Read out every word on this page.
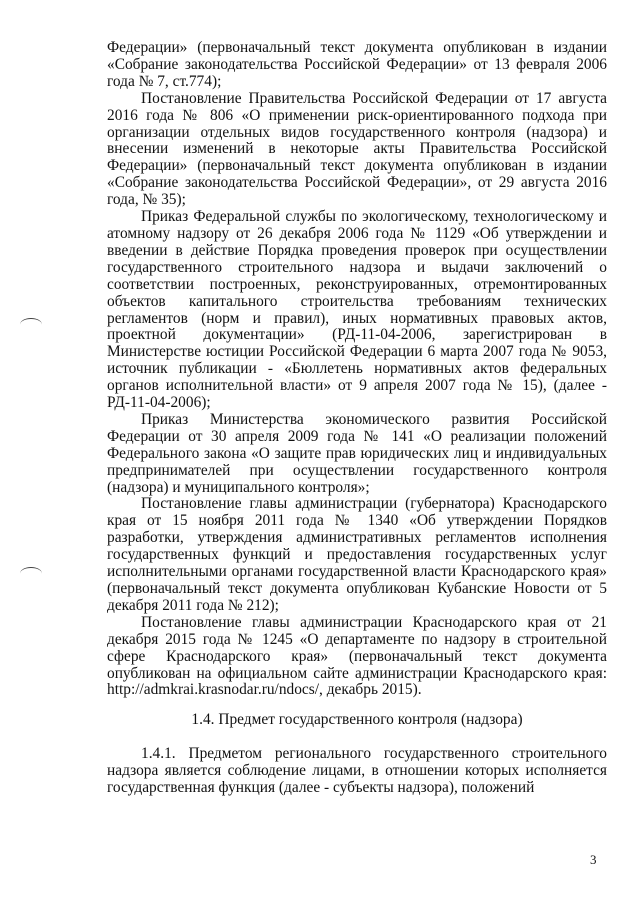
Федерации» (первоначальный текст документа опубликован в издании «Собрание законодательства Российской Федерации» от 13 февраля 2006 года № 7, ст.774);

Постановление Правительства Российской Федерации от 17 августа 2016 года № 806 «О применении риск-ориентированного подхода при организации отдельных видов государственного контроля (надзора) и внесении изменений в некоторые акты Правительства Российской Федерации» (первоначальный текст документа опубликован в издании «Собрание законодательства Российской Федерации», от 29 августа 2016 года, № 35);

Приказ Федеральной службы по экологическому, технологическому и атомному надзору от 26 декабря 2006 года № 1129 «Об утверждении и введении в действие Порядка проведения проверок при осуществлении государственного строительного надзора и выдачи заключений о соответствии построенных, реконструированных, отремонтированных объектов капитального строительства требованиям технических регламентов (норм и правил), иных нормативных правовых актов, проектной документации» (РД-11-04-2006, зарегистрирован в Министерстве юстиции Российской Федерации 6 марта 2007 года № 9053, источник публикации - «Бюллетень нормативных актов федеральных органов исполнительной власти» от 9 апреля 2007 года № 15), (далее - РД-11-04-2006);

Приказ Министерства экономического развития Российской Федерации от 30 апреля 2009 года № 141 «О реализации положений Федерального закона «О защите прав юридических лиц и индивидуальных предпринимателей при осуществлении государственного контроля (надзора) и муниципального контроля»;

Постановление главы администрации (губернатора) Краснодарского края от 15 ноября 2011 года № 1340 «Об утверждении Порядков разработки, утверждения административных регламентов исполнения государственных функций и предоставления государственных услуг исполнительными органами государственной власти Краснодарского края» (первоначальный текст документа опубликован Кубанские Новости от 5 декабря 2011 года № 212);

Постановление главы администрации Краснодарского края от 21 декабря 2015 года № 1245 «О департаменте по надзору в строительной сфере Краснодарского края» (первоначальный текст документа опубликован на официальном сайте администрации Краснодарского края: http://admkrai.krasnodar.ru/ndocs/, декабрь 2015).

1.4. Предмет государственного контроля (надзора)

1.4.1. Предметом регионального государственного строительного надзора является соблюдение лицами, в отношении которых исполняется государственная функция (далее - субъекты надзора), положений

3
